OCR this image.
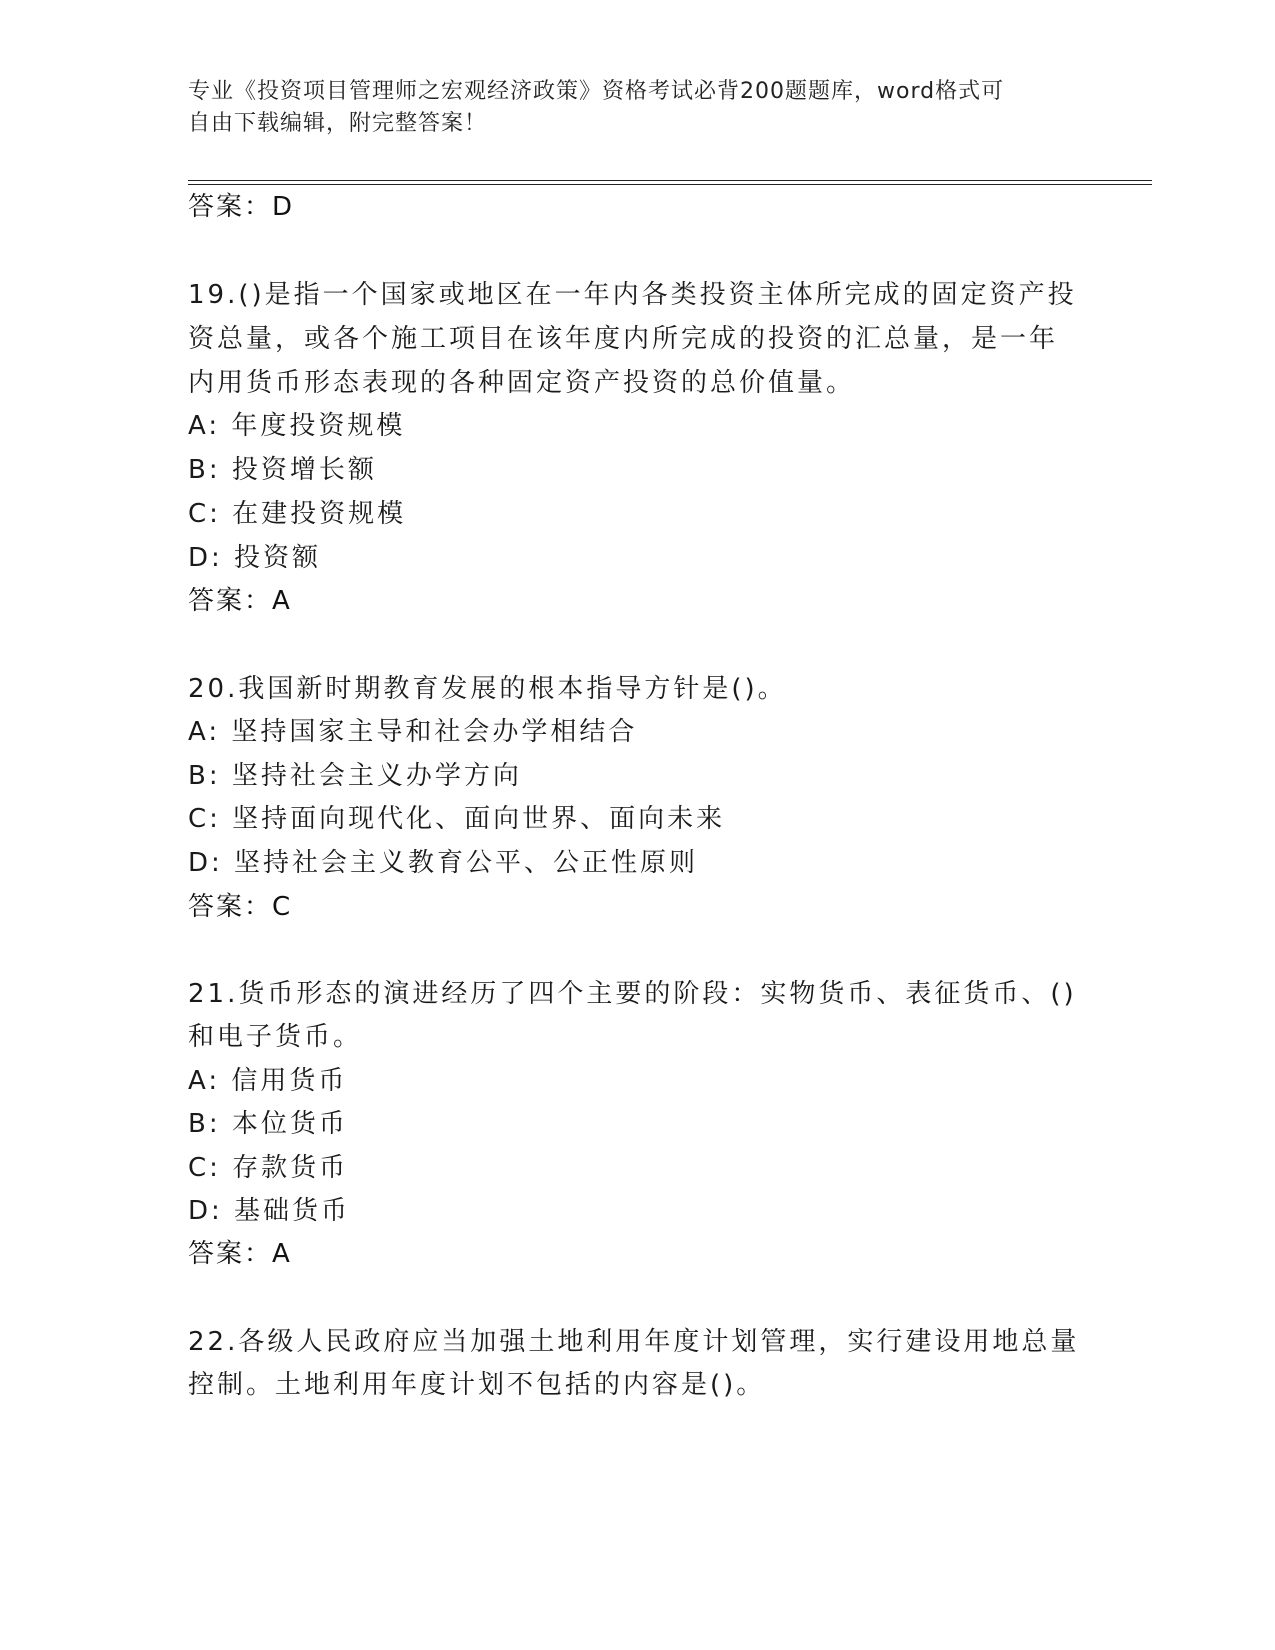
专业《投资项目管理师之宏观经济政策》资格考试必背200题题库，word格式可
自由下载编辑，附完整答案！
答案：D
19.()是指一个国家或地区在一年内各类投资主体所完成的固定资产投
资总量，或各个施工项目在该年度内所完成的投资的汇总量，是一年
内用货币形态表现的各种固定资产投资的总价值量。
A: 年度投资规模
B: 投资增长额
C: 在建投资规模
D: 投资额
答案：A
20.我国新时期教育发展的根本指导方针是()。
A: 坚持国家主导和社会办学相结合
B: 坚持社会主义办学方向
C: 坚持面向现代化、面向世界、面向未来
D: 坚持社会主义教育公平、公正性原则
答案：C
21.货币形态的演进经历了四个主要的阶段：实物货币、表征货币、()
和电子货币。
A: 信用货币
B: 本位货币
C: 存款货币
D: 基础货币
答案：A
22.各级人民政府应当加强土地利用年度计划管理，实行建设用地总量
控制。土地利用年度计划不包括的内容是()。
